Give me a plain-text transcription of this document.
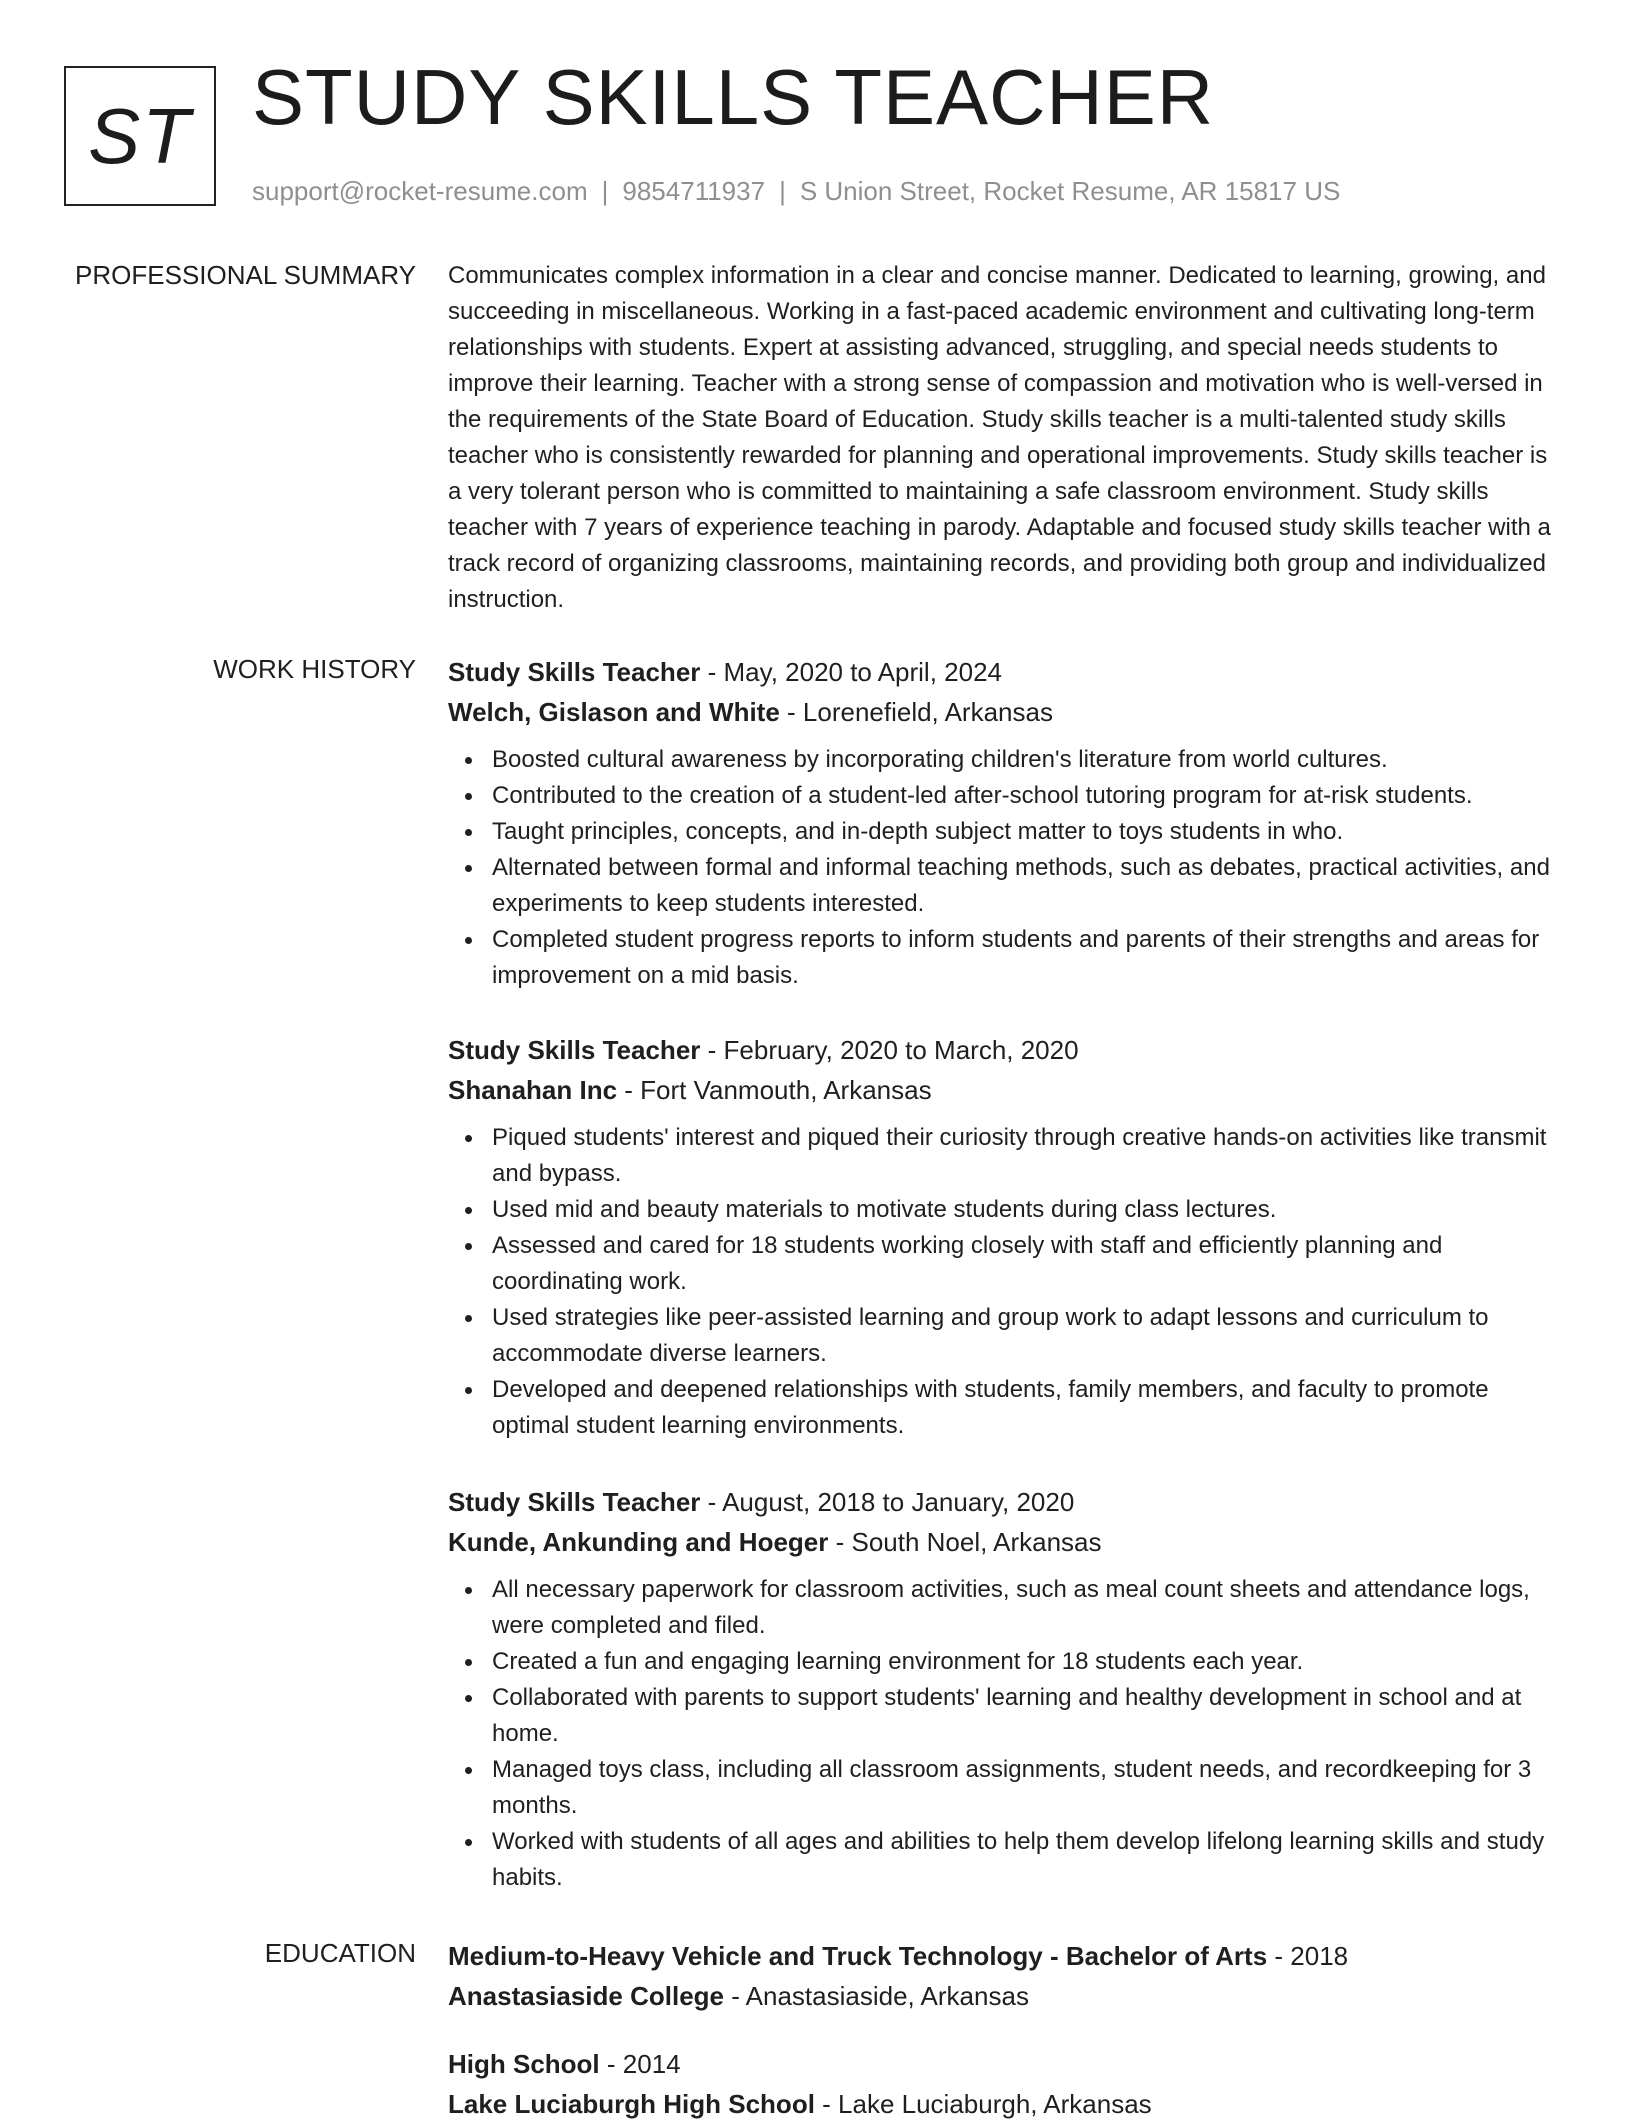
ST STUDY SKILLS TEACHER
support@rocket-resume.com | 9854711937 | S Union Street, Rocket Resume, AR 15817 US
PROFESSIONAL SUMMARY Communicates complex information in a clear and concise manner. Dedicated to learning, growing, and succeeding in miscellaneous. Working in a fast-paced academic environment and cultivating long-term relationships with students. Expert at assisting advanced, struggling, and special needs students to improve their learning. Teacher with a strong sense of compassion and motivation who is well-versed in the requirements of the State Board of Education. Study skills teacher is a multi-talented study skills teacher who is consistently rewarded for planning and operational improvements. Study skills teacher is a very tolerant person who is committed to maintaining a safe classroom environment. Study skills teacher with 7 years of experience teaching in parody. Adaptable and focused study skills teacher with a track record of organizing classrooms, maintaining records, and providing both group and individualized instruction.

WORK HISTORY Study Skills Teacher - May, 2020 to April, 2024
Welch, Gislason and White - Lorenefield, Arkansas
Boosted cultural awareness by incorporating children's literature from world cultures.
Contributed to the creation of a student-led after-school tutoring program for at-risk students.
Taught principles, concepts, and in-depth subject matter to toys students in who.
Alternated between formal and informal teaching methods, such as debates, practical activities, and experiments to keep students interested.
Completed student progress reports to inform students and parents of their strengths and areas for improvement on a mid basis.
Study Skills Teacher - February, 2020 to March, 2020
Shanahan Inc - Fort Vanmouth, Arkansas
Piqued students' interest and piqued their curiosity through creative hands-on activities like transmit and bypass.
Used mid and beauty materials to motivate students during class lectures.
Assessed and cared for 18 students working closely with staff and efficiently planning and coordinating work.
Used strategies like peer-assisted learning and group work to adapt lessons and curriculum to accommodate diverse learners.
Developed and deepened relationships with students, family members, and faculty to promote optimal student learning environments.
Study Skills Teacher - August, 2018 to January, 2020
Kunde, Ankunding and Hoeger - South Noel, Arkansas
All necessary paperwork for classroom activities, such as meal count sheets and attendance logs, were completed and filed.
Created a fun and engaging learning environment for 18 students each year.
Collaborated with parents to support students' learning and healthy development in school and at home.
Managed toys class, including all classroom assignments, student needs, and recordkeeping for 3 months.
Worked with students of all ages and abilities to help them develop lifelong learning skills and study habits.
EDUCATION Medium-to-Heavy Vehicle and Truck Technology - Bachelor of Arts - 2018
Anastasiaside College - Anastasiaside, Arkansas
High School - 2014
Lake Luciaburgh High School - Lake Luciaburgh, Arkansas
